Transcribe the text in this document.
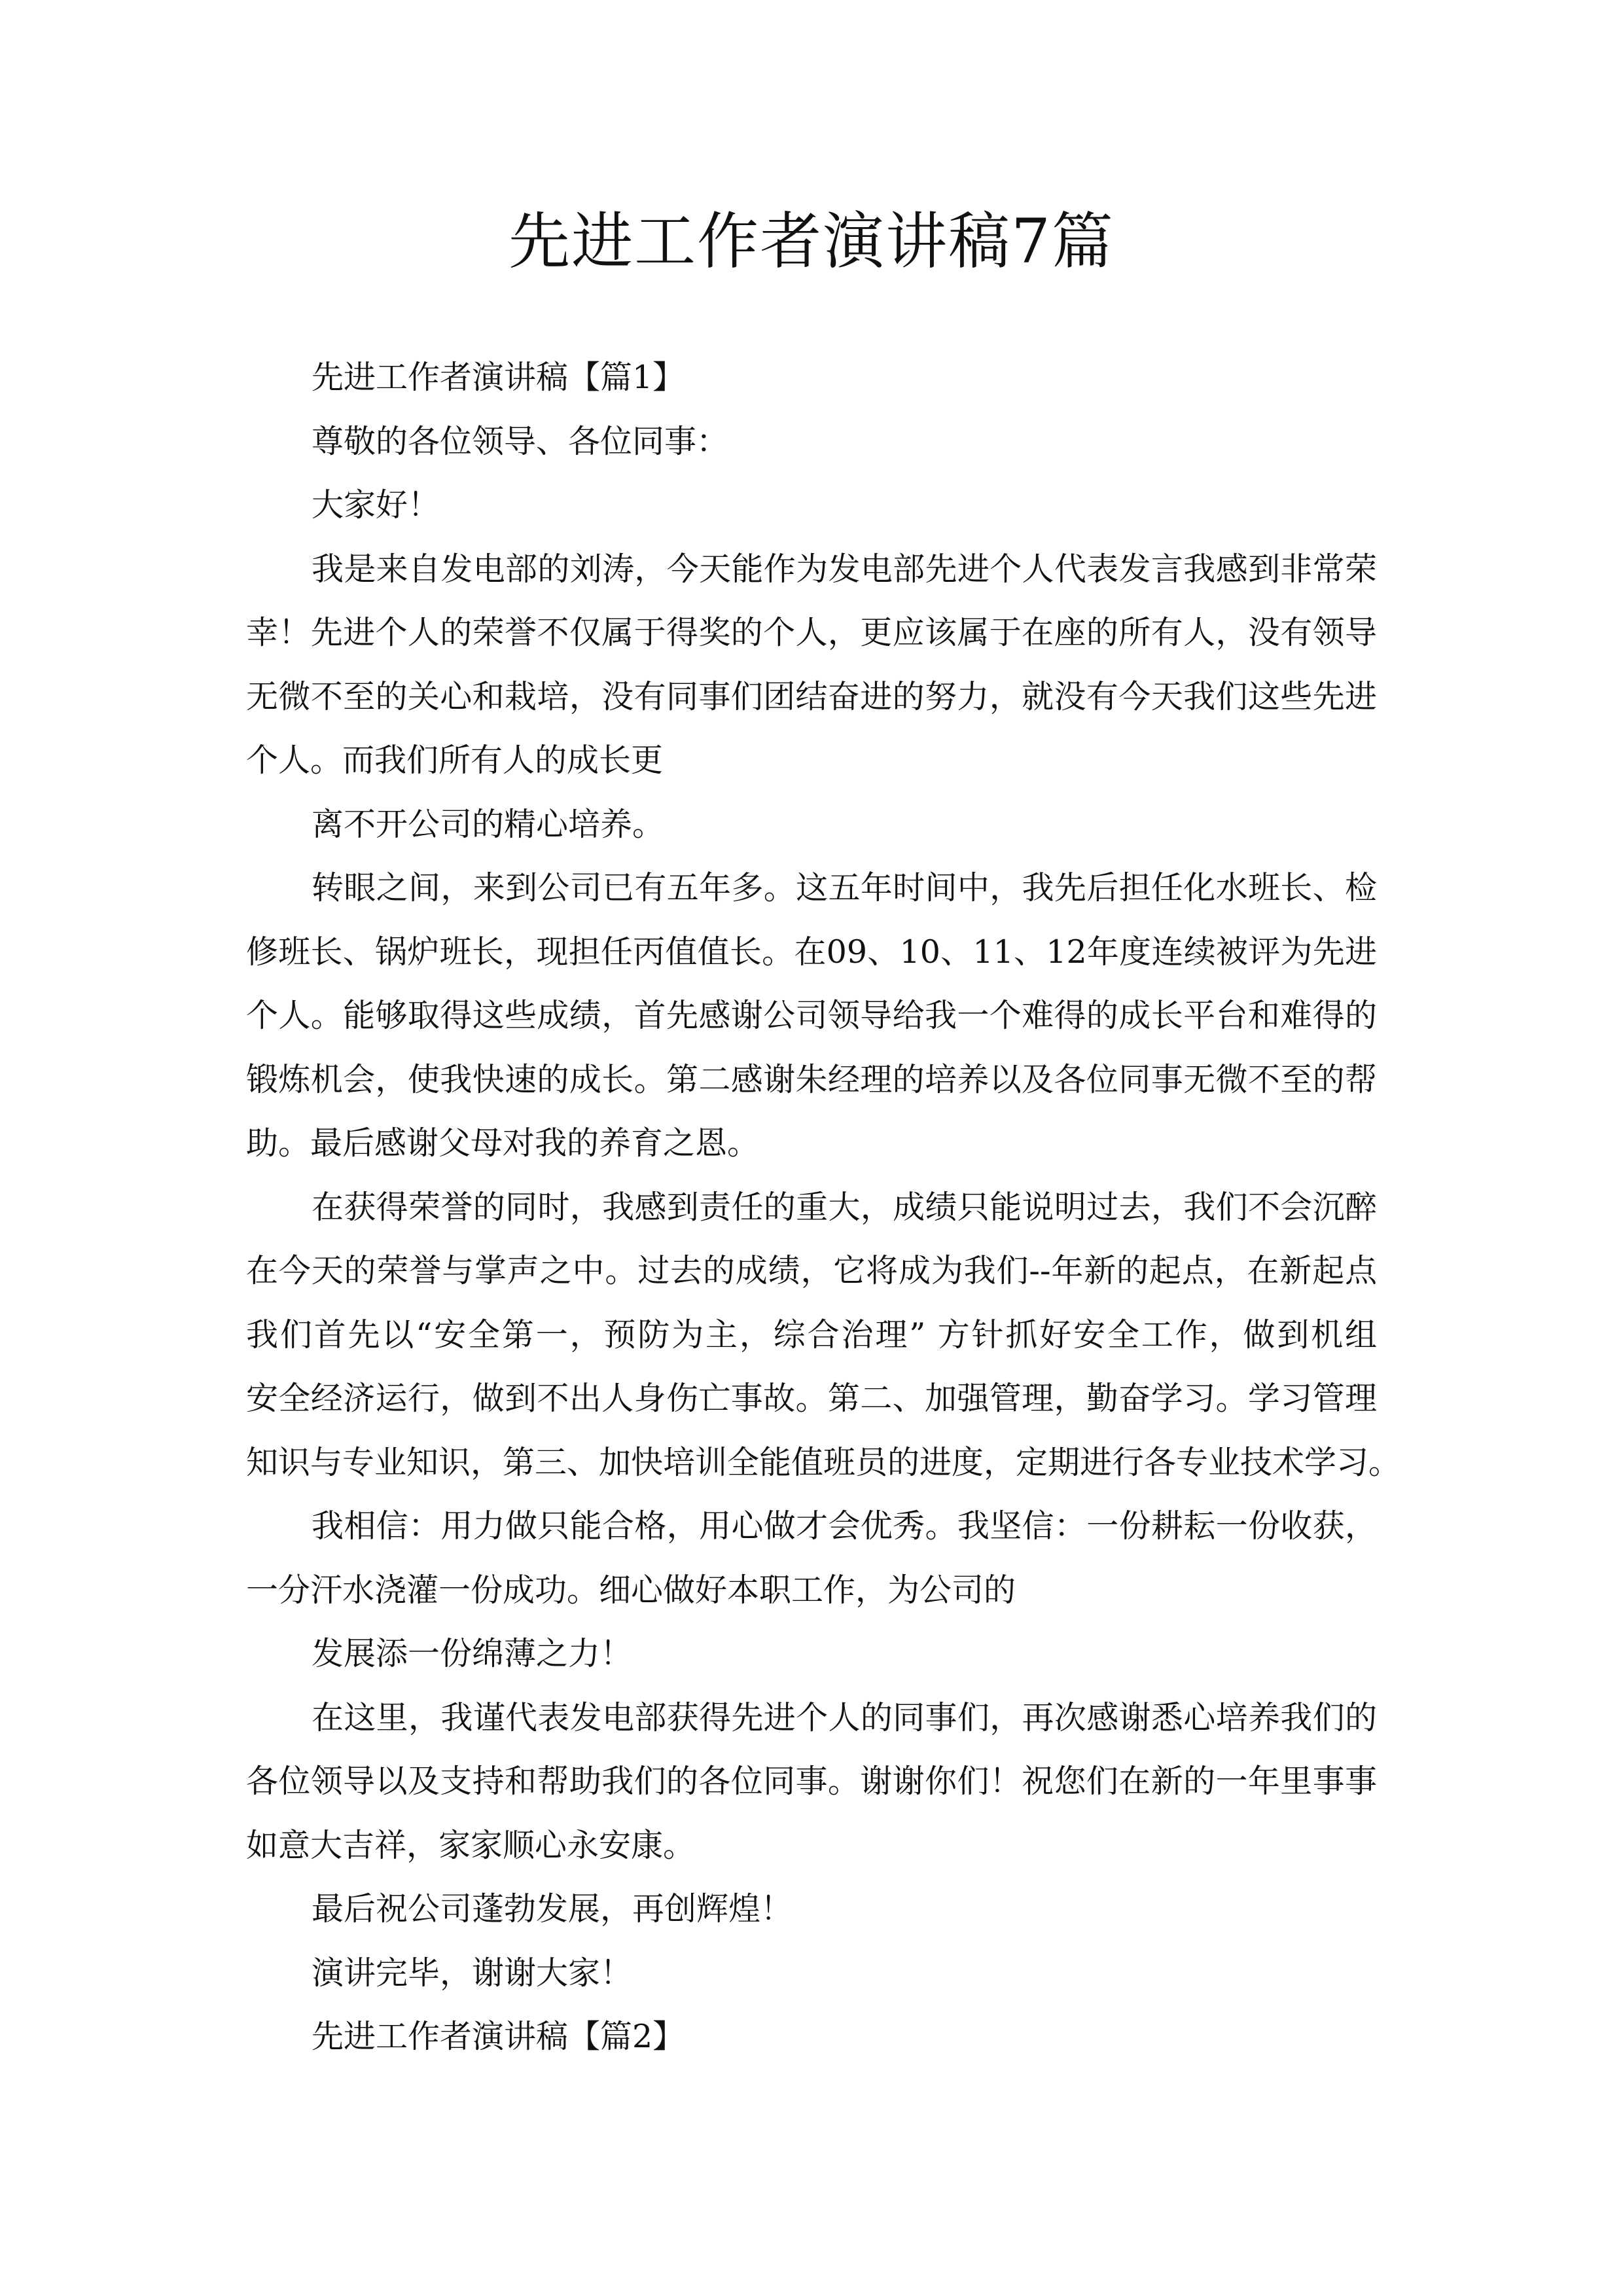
先进工作者演讲稿7篇
先进工作者演讲稿【篇1】
尊敬的各位领导、各位同事：
大家好！
我是来自发电部的刘涛，今天能作为发电部先进个人代表发言我感到非常荣
幸！先进个人的荣誉不仅属于得奖的个人，更应该属于在座的所有人，没有领导
无微不至的关心和栽培，没有同事们团结奋进的努力，就没有今天我们这些先进
个人。而我们所有人的成长更
离不开公司的精心培养。
转眼之间，来到公司已有五年多。这五年时间中，我先后担任化水班长、检
修班长、锅炉班长，现担任丙值值长。在09、10、11、12年度连续被评为先进
个人。能够取得这些成绩，首先感谢公司领导给我一个难得的成长平台和难得的
锻炼机会，使我快速的成长。第二感谢朱经理的培养以及各位同事无微不至的帮
助。最后感谢父母对我的养育之恩。
在获得荣誉的同时，我感到责任的重大，成绩只能说明过去，我们不会沉醉
在今天的荣誉与掌声之中。过去的成绩，它将成为我们--年新的起点，在新起点
我们首先以“安全第一，预防为主，综合治理” 方针抓好安全工作，做到机组
安全经济运行，做到不出人身伤亡事故。第二、加强管理，勤奋学习。学习管理
知识与专业知识，第三、加快培训全能值班员的进度，定期进行各专业技术学习。
我相信：用力做只能合格，用心做才会优秀。我坚信：一份耕耘一份收获，
一分汗水浇灌一份成功。细心做好本职工作，为公司的
发展添一份绵薄之力！
在这里，我谨代表发电部获得先进个人的同事们，再次感谢悉心培养我们的
各位领导以及支持和帮助我们的各位同事。谢谢你们！祝您们在新的一年里事事
如意大吉祥，家家顺心永安康。
最后祝公司蓬勃发展，再创辉煌！
演讲完毕，谢谢大家！
先进工作者演讲稿【篇2】
